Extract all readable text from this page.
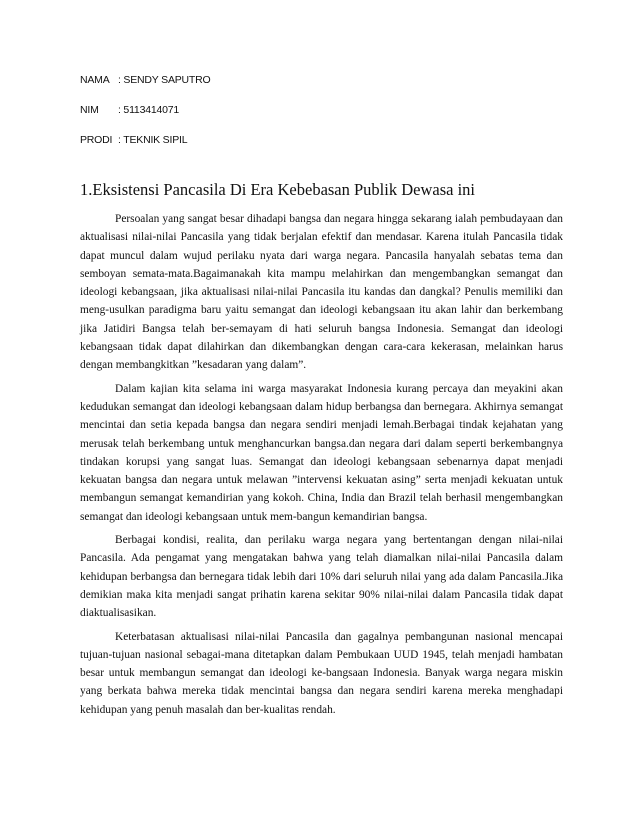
NAMA : SENDY SAPUTRO
NIM : 5113414071
PRODI : TEKNIK SIPIL
1.Eksistensi Pancasila Di Era Kebebasan Publik Dewasa ini

Persoalan yang sangat besar dihadapi bangsa dan negara hingga sekarang ialah pembudayaan dan aktualisasi nilai-nilai Pancasila yang tidak berjalan efektif dan mendasar. Karena itulah Pancasila tidak dapat muncul dalam wujud perilaku nyata dari warga negara. Pancasila hanyalah sebatas tema dan semboyan semata-mata.Bagaimanakah kita mampu melahirkan dan mengembangkan semangat dan ideologi kebangsaan, jika aktualisasi nilai-nilai Pancasila itu kandas dan dangkal? Penulis memiliki dan meng-usulkan paradigma baru yaitu semangat dan ideologi kebangsaan itu akan lahir dan berkembang jika Jatidiri Bangsa telah ber-semayam di hati seluruh bangsa Indonesia. Semangat dan ideologi kebangsaan tidak dapat dilahirkan dan dikembangkan dengan cara-cara kekerasan, melainkan harus dengan membangkitkan ”kesadaran yang dalam”.

Dalam kajian kita selama ini warga masyarakat Indonesia kurang percaya dan meyakini akan kedudukan semangat dan ideologi kebangsaan dalam hidup berbangsa dan bernegara. Akhirnya semangat mencintai dan setia kepada bangsa dan negara sendiri menjadi lemah.Berbagai tindak kejahatan yang merusak telah berkembang untuk menghancurkan bangsa.dan negara dari dalam seperti berkembangnya tindakan korupsi yang sangat luas. Semangat dan ideologi kebangsaan sebenarnya dapat menjadi kekuatan bangsa dan negara untuk melawan ”intervensi kekuatan asing” serta menjadi kekuatan untuk membangun semangat kemandirian yang kokoh. China, India dan Brazil telah berhasil mengembangkan semangat dan ideologi kebangsaan untuk mem-bangun kemandirian bangsa.

Berbagai kondisi, realita, dan perilaku warga negara yang bertentangan dengan nilai-nilai Pancasila. Ada pengamat yang mengatakan bahwa yang telah diamalkan nilai-nilai Pancasila dalam kehidupan berbangsa dan bernegara tidak lebih dari 10% dari seluruh nilai yang ada dalam Pancasila.Jika demikian maka kita menjadi sangat prihatin karena sekitar 90% nilai-nilai dalam Pancasila tidak dapat diaktualisasikan.

Keterbatasan aktualisasi nilai-nilai Pancasila dan gagalnya pembangunan nasional mencapai tujuan-tujuan nasional sebagai-mana ditetapkan dalam Pembukaan UUD 1945, telah menjadi hambatan besar untuk membangun semangat dan ideologi ke-bangsaan Indonesia. Banyak warga negara miskin yang berkata bahwa mereka tidak mencintai bangsa dan negara sendiri karena mereka menghadapi kehidupan yang penuh masalah dan ber-kualitas rendah.
